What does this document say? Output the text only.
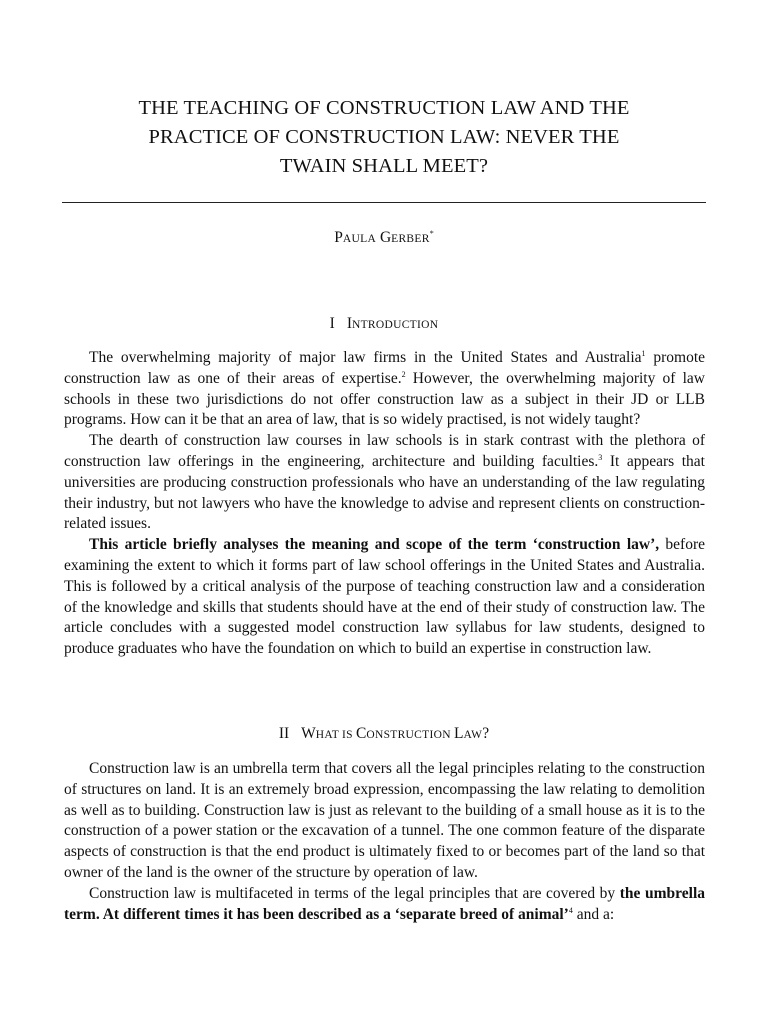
THE TEACHING OF CONSTRUCTION LAW AND THE
PRACTICE OF CONSTRUCTION LAW: NEVER THE
TWAIN SHALL MEET?
PAULA GERBER*
I INTRODUCTION

The overwhelming majority of major law firms in the United States and Australia$^1$ promote construction law as one of their areas of expertise.$^2$ However, the overwhelming majority of law schools in these two jurisdictions do not offer construction law as a subject in their JD or LLB programs. How can it be that an area of law, that is so widely practised, is not widely taught?

The dearth of construction law courses in law schools is in stark contrast with the plethora of construction law offerings in the engineering, architecture and building faculties.$^3$ It appears that universities are producing construction professionals who have an understanding of the law regulating their industry, but not lawyers who have the knowledge to advise and represent clients on construction-related issues.

This article briefly analyses the meaning and scope of the term ‘construction law’, before examining the extent to which it forms part of law school offerings in the United States and Australia. This is followed by a critical analysis of the purpose of teaching construction law and a consideration of the knowledge and skills that students should have at the end of their study of construction law. The article concludes with a suggested model construction law syllabus for law students, designed to produce graduates who have the foundation on which to build an expertise in construction law.

II WHAT IS CONSTRUCTION LAW?

Construction law is an umbrella term that covers all the legal principles relating to the construction of structures on land. It is an extremely broad expression, encompassing the law relating to demolition as well as to building. Construction law is just as relevant to the building of a small house as it is to the construction of a power station or the excavation of a tunnel. The one common feature of the disparate aspects of construction is that the end product is ultimately fixed to or becomes part of the land so that owner of the land is the owner of the structure by operation of law.

Construction law is multifaceted in terms of the legal principles that are covered by the umbrella term. At different times it has been described as a ‘separate breed of animal’$^4$ and a:
